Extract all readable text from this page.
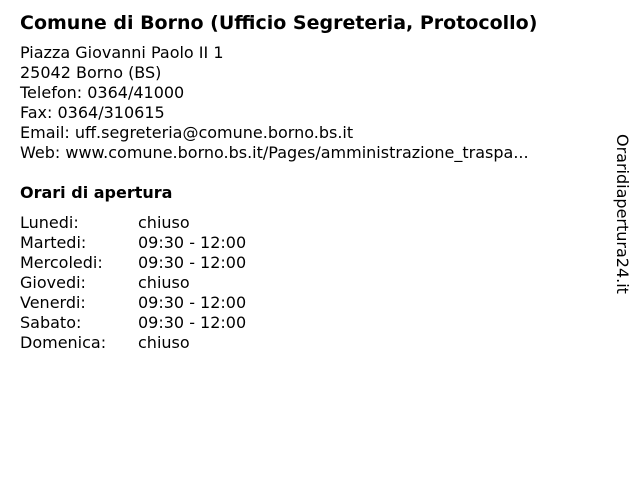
Comune di Borno (Ufficio Segreteria, Protocollo)
Piazza Giovanni Paolo II 1
25042 Borno (BS)
Telefon: 0364/41000
Fax: 0364/310615
Email: uff.segreteria@comune.borno.bs.it
Web: www.comune.borno.bs.it/Pages/amministrazione_traspa...
Orari di apertura
Lunedi:	chiuso
Martedi:	09:30 - 12:00
Mercoledi: 09:30 - 12:00
Giovedi:	chiuso
Venerdi:	09:30 - 12:00
Sabato:	09:30 - 12:00
Domenica: chiuso
Oraridiapertura24.it
